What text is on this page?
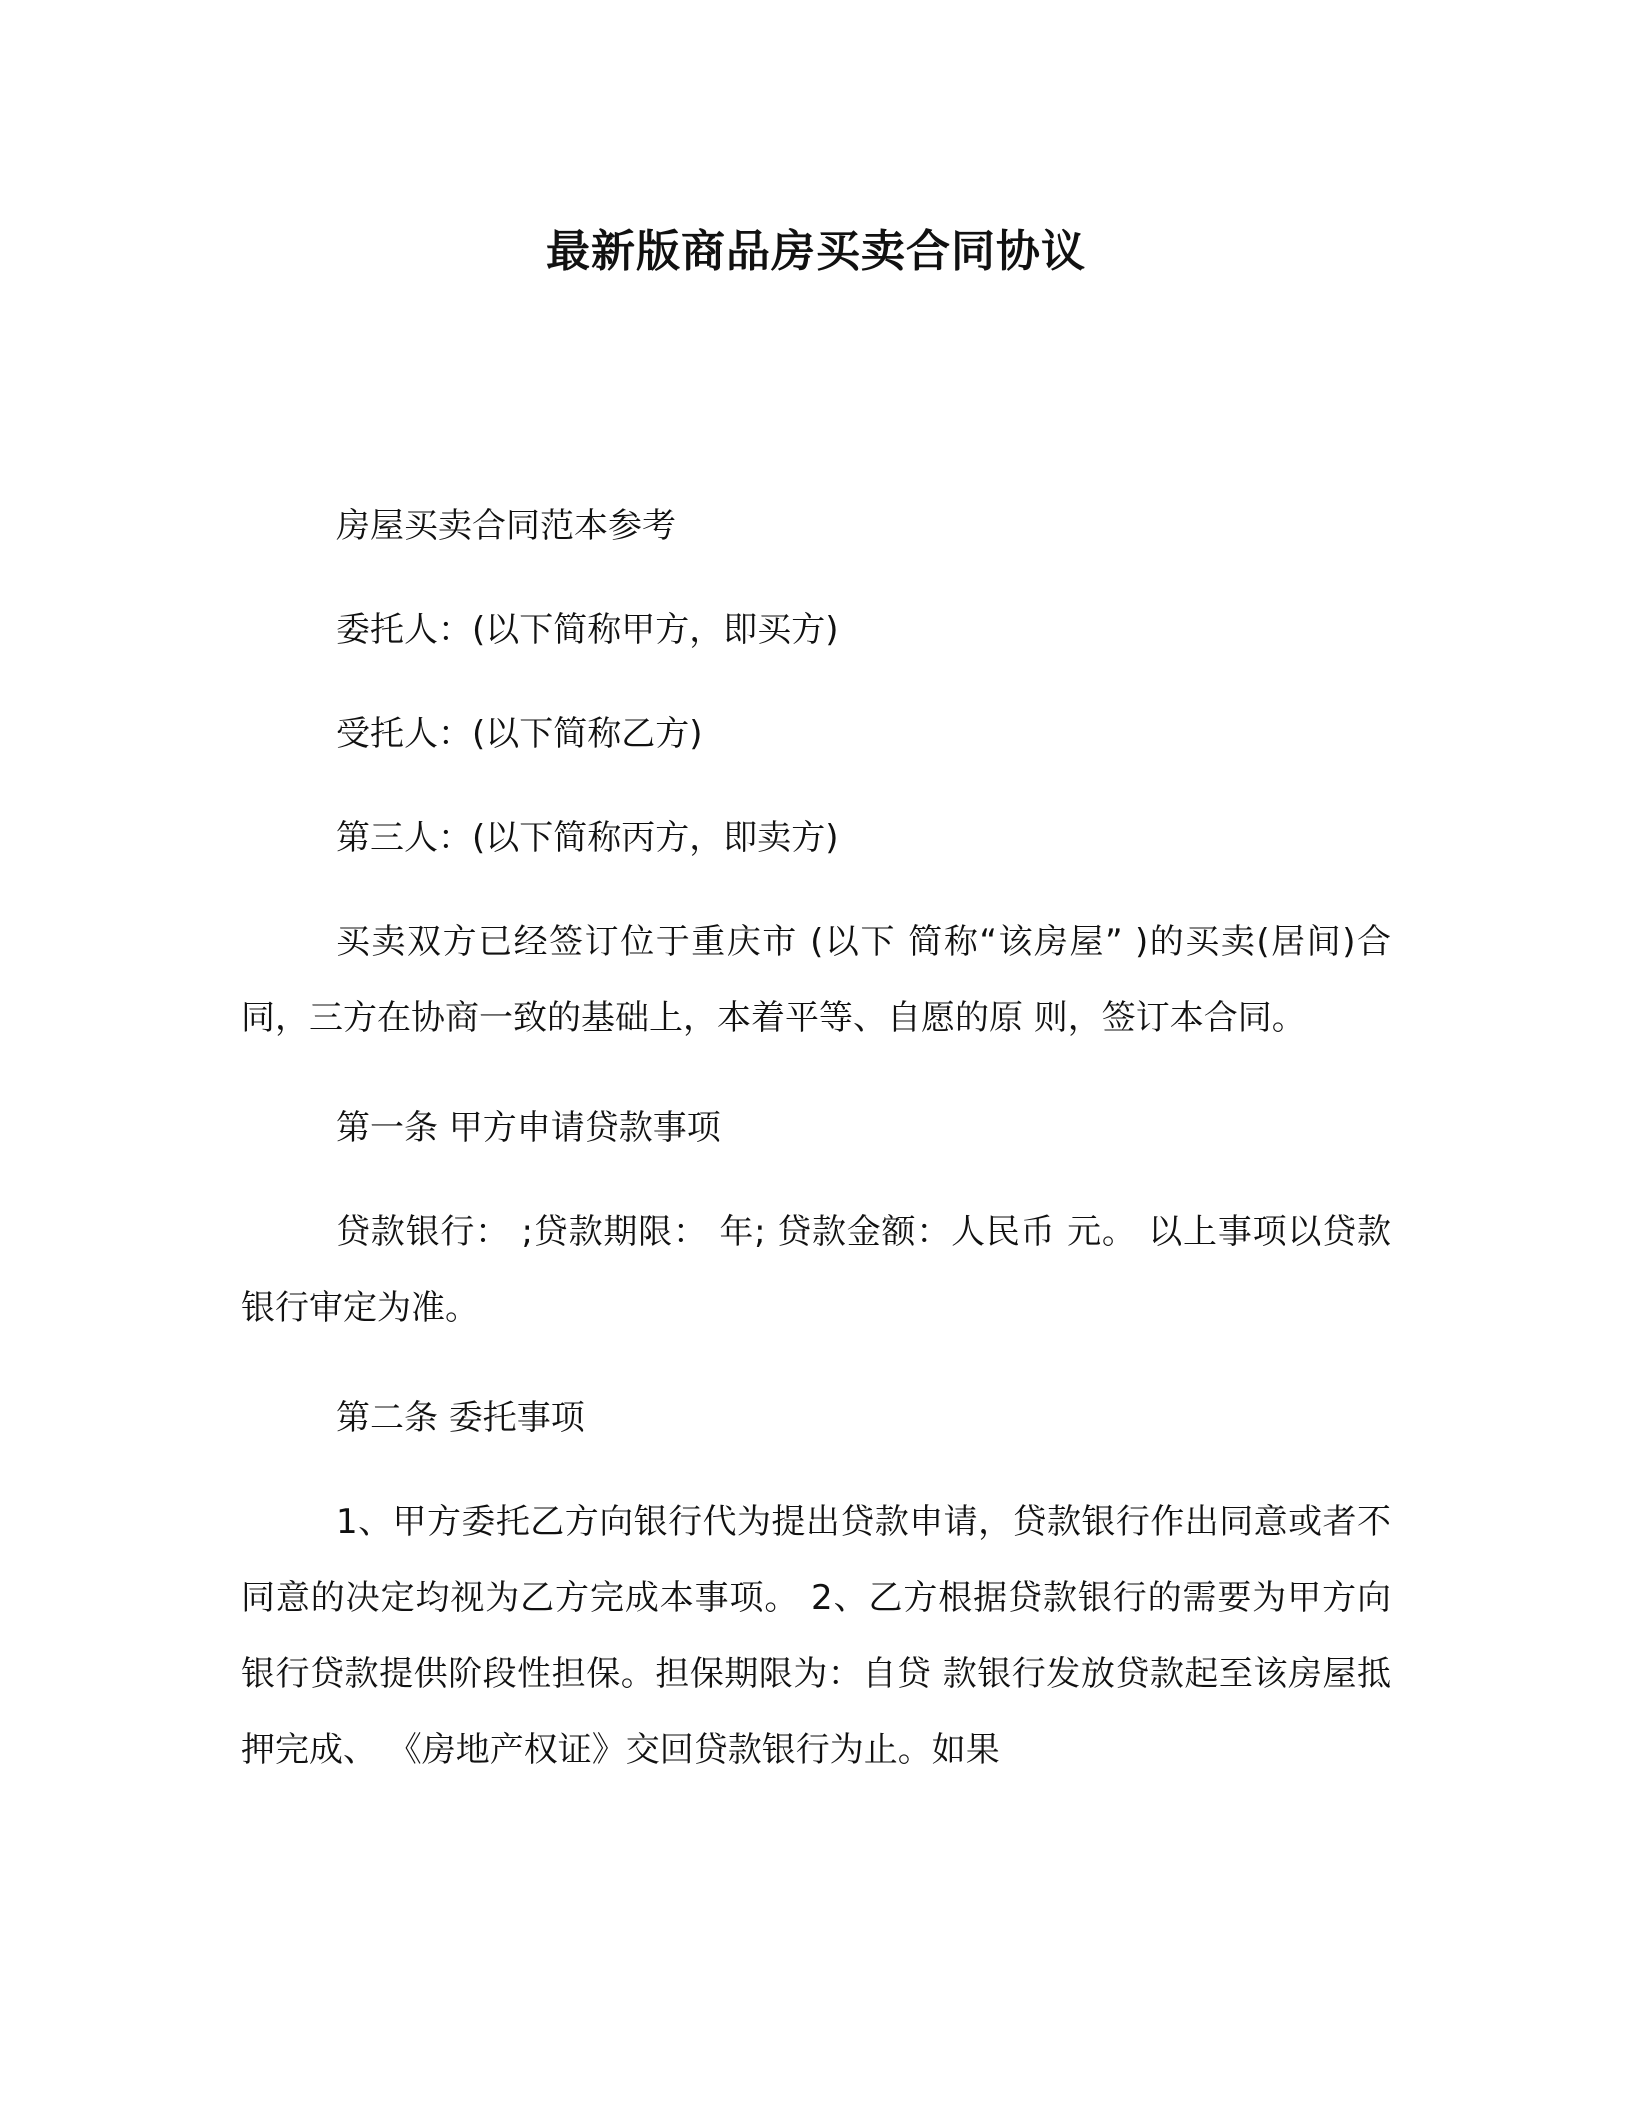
最新版商品房买卖合同协议

房屋买卖合同范本参考

委托人：(以下简称甲方，即买方)

受托人：(以下简称乙方)

第三人：(以下简称丙方，即卖方)

买卖双方已经签订位于重庆市 (以下 简称“该房屋” )的买卖(居间)合同，三方在协商一致的基础上，本着平等、自愿的原 则，签订本合同。

第一条 甲方申请贷款事项

贷款银行： ;贷款期限： 年; 贷款金额：人民币 元。 以上事项以贷款银行审定为准。

第二条 委托事项

1、甲方委托乙方向银行代为提出贷款申请，贷款银行作出同意或者不同意的决定均视为乙方完成本事项。 2、乙方根据贷款银行的需要为甲方向银行贷款提供阶段性担保。担保期限为：自贷 款银行发放贷款起至该房屋抵押完成、 《房地产权证》交回贷款银行为止。如果
